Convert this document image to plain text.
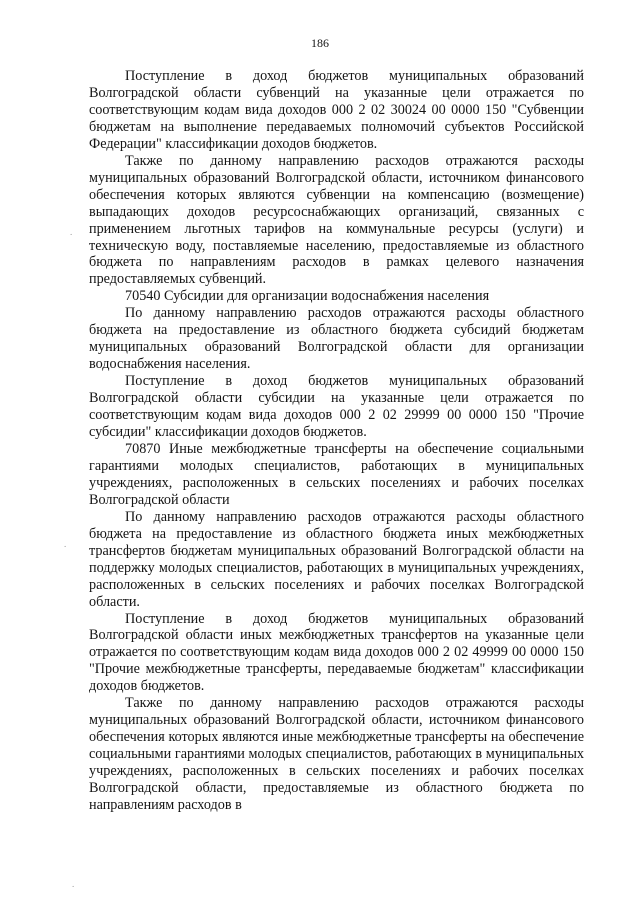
186

Поступление в доход бюджетов муниципальных образований Волгоградской области субвенций на указанные цели отражается по соответствующим кодам вида доходов 000 2 02 30024 00 0000 150 "Субвенции бюджетам на выполнение передаваемых полномочий субъектов Российской Федерации" классификации доходов бюджетов.

Также по данному направлению расходов отражаются расходы муниципальных образований Волгоградской области, источником финансового обеспечения которых являются субвенции на компенсацию (возмещение) выпадающих доходов ресурсоснабжающих организаций, связанных с применением льготных тарифов на коммунальные ресурсы (услуги) и техническую воду, поставляемые населению, предоставляемые из областного бюджета по направлениям расходов в рамках целевого назначения предоставляемых субвенций.

70540 Субсидии для организации водоснабжения населения

По данному направлению расходов отражаются расходы областного бюджета на предоставление из областного бюджета субсидий бюджетам муниципальных образований Волгоградской области для организации водоснабжения населения.

Поступление в доход бюджетов муниципальных образований Волгоградской области субсидии на указанные цели отражается по соответствующим кодам вида доходов 000 2 02 29999 00 0000 150 "Прочие субсидии" классификации доходов бюджетов.

70870 Иные межбюджетные трансферты на обеспечение социальными гарантиями молодых специалистов, работающих в муниципальных учреждениях, расположенных в сельских поселениях и рабочих поселках Волгоградской области

По данному направлению расходов отражаются расходы областного бюджета на предоставление из областного бюджета иных межбюджетных трансфертов бюджетам муниципальных образований Волгоградской области на поддержку молодых специалистов, работающих в муниципальных учреждениях, расположенных в сельских поселениях и рабочих поселках Волгоградской области.

Поступление в доход бюджетов муниципальных образований Волгоградской области иных межбюджетных трансфертов на указанные цели отражается по соответствующим кодам вида доходов 000 2 02 49999 00 0000 150 "Прочие межбюджетные трансферты, передаваемые бюджетам" классификации доходов бюджетов.

Также по данному направлению расходов отражаются расходы муниципальных образований Волгоградской области, источником финансового обеспечения которых являются иные межбюджетные трансферты на обеспечение социальными гарантиями молодых специалистов, работающих в муниципальных учреждениях, расположенных в сельских поселениях и рабочих поселках Волгоградской области, предоставляемые из областного бюджета по направлениям расходов в

.
.
.
